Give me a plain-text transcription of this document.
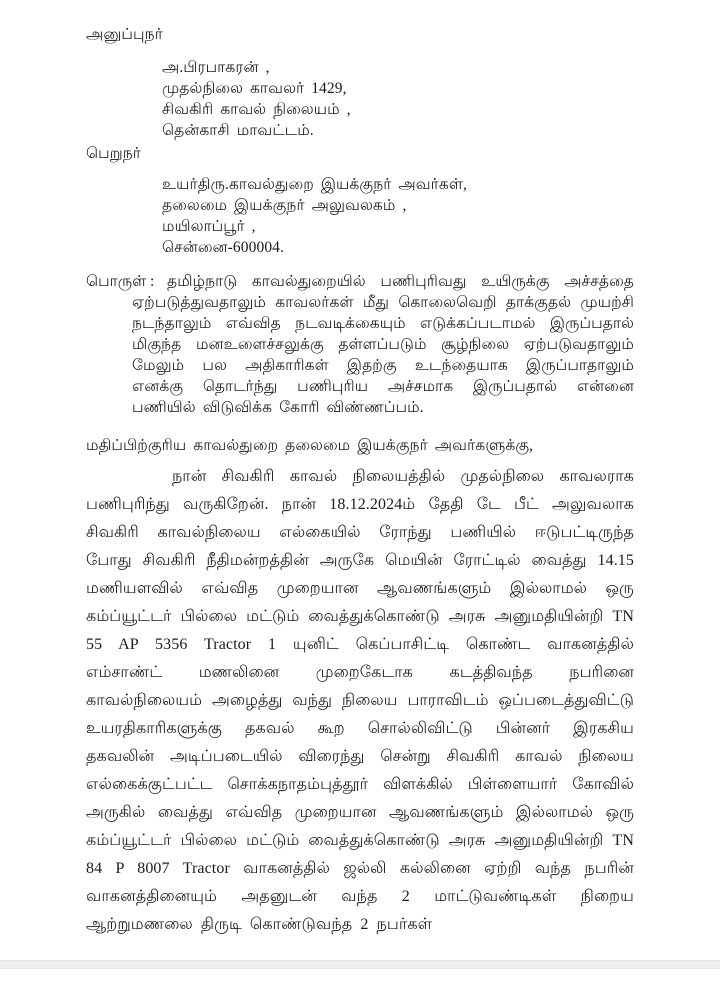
அனுப்புநர்
அ.பிரபாகரன் ,
முதல்நிலை காவலர் 1429,
சிவகிரி காவல் நிலையம் ,
தென்காசி மாவட்டம்.
பெறுநர்
உயர்திரு.காவல்துறை இயக்குநர் அவர்கள்,
தலைமை இயக்குநர் அலுவலகம் ,
மயிலாப்பூர் ,
சென்னை-600004.
பொருள் : தமிழ்நாடு காவல்துறையில் பணிபுரிவது உயிருக்கு அச்சத்தை ஏற்படுத்துவதாலும் காவலர்கள் மீது கொலைவெறி தாக்குதல் முயற்சி நடந்தாலும் எவ்வித நடவடிக்கையும் எடுக்கப்படாமல் இருப்பதால் மிகுந்த மனஉளைச்சலுக்கு தள்ளப்படும் சூழ்நிலை ஏற்படுவதாலும் மேலும் பல அதிகாரிகள் இதற்கு உடந்தையாக இருப்பாதாலும் எனக்கு தொடர்ந்து பணிபுரிய அச்சமாக இருப்பதால் என்னை பணியில் விடுவிக்க கோரி விண்ணப்பம்.

மதிப்பிற்குரிய காவல்துறை தலைமை இயக்குநர் அவர்களுக்கு,

நான் சிவகிரி காவல் நிலையத்தில் முதல்நிலை காவலராக பணிபுரிந்து வருகிறேன். நான் 18.12.2024ம் தேதி டே பீட் அலுவலாக சிவகிரி காவல்நிலைய எல்கையில் ரோந்து பணியில் ஈடுபட்டிருந்த போது சிவகிரி நீதிமன்றத்தின் அருகே மெயின் ரோட்டில் வைத்து 14.15 மணியளவில் எவ்வித முறையான ஆவணங்களும் இல்லாமல் ஒரு கம்ப்யூட்டர் பில்லை மட்டும் வைத்துக்கொண்டு அரசு அனுமதியின்றி TN 55 AP 5356 Tractor 1 யுனிட் கெப்பாசிட்டி கொண்ட வாகனத்தில் எம்சாண்ட் மணலினை முறைகேடாக கடத்திவந்த நபரினை காவல்நிலையம் அழைத்து வந்து நிலைய பாராவிடம் ஒப்படைத்துவிட்டு உயரதிகாரிகளுக்கு தகவல் கூற சொல்லிவிட்டு பின்னர் இரகசிய தகவலின் அடிப்படையில் விரைந்து சென்று சிவகிரி காவல் நிலைய எல்கைக்குட்பட்ட சொக்கநாதம்புத்தூர் விளக்கில் பிள்ளையார் கோவில் அருகில் வைத்து எவ்வித முறையான ஆவணங்களும் இல்லாமல் ஒரு கம்ப்யூட்டர் பில்லை மட்டும் வைத்துக்கொண்டு அரசு அனுமதியின்றி TN 84 P 8007 Tractor வாகனத்தில் ஜல்லி கல்லினை ஏற்றி வந்த நபரின் வாகனத்தினையும் அதனுடன் வந்த 2 மாட்டுவண்டிகள் நிறைய ஆற்றுமணலை திருடி கொண்டுவந்த 2 நபர்கள்
